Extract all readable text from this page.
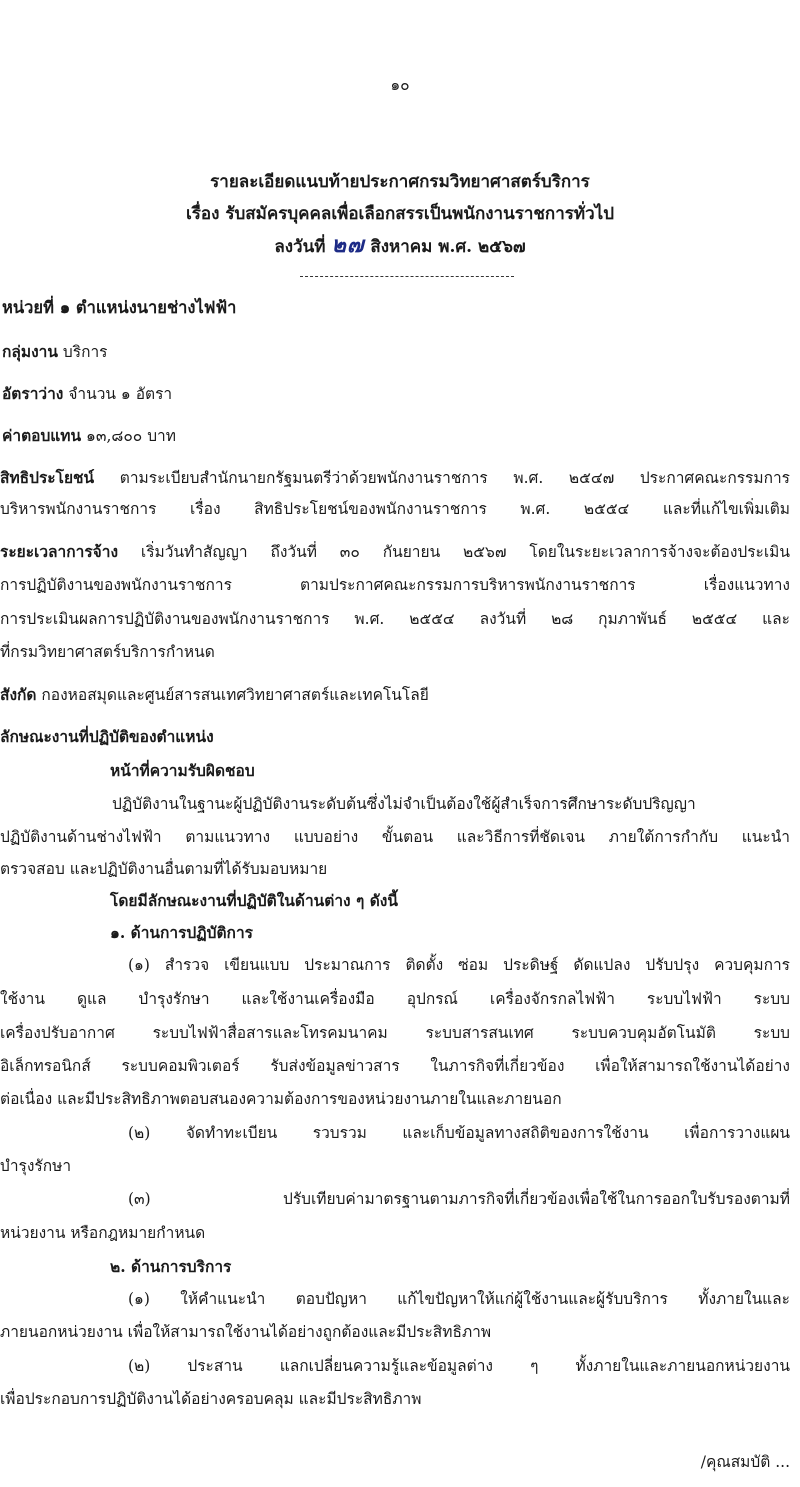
๑๐
รายละเอียดแนบท้ายประกาศกรมวิทยาศาสตร์บริการ
เรื่อง รับสมัครบุคคลเพื่อเลือกสรรเป็นพนักงานราชการทั่วไป
ลงวันที่ ๒๗ สิงหาคม พ.ศ. ๒๕๖๗
หน่วยที่ ๑ ตำแหน่งนายช่างไฟฟ้า
กลุ่มงาน บริการ
อัตราว่าง จำนวน ๑ อัตรา
ค่าตอบแทน ๑๓,๘๐๐ บาท
สิทธิประโยชน์ ตามระเบียบสำนักนายกรัฐมนตรีว่าด้วยพนักงานราชการ พ.ศ. ๒๕๔๗ ประกาศคณะกรรมการ
บริหารพนักงานราชการ เรื่อง สิทธิประโยชน์ของพนักงานราชการ พ.ศ. ๒๕๕๔ และที่แก้ไขเพิ่มเติม
ระยะเวลาการจ้าง เริ่มวันทำสัญญา ถึงวันที่ ๓๐ กันยายน ๒๕๖๗ โดยในระยะเวลาการจ้างจะต้องประเมิน
การปฏิบัติงานของพนักงานราชการ ตามประกาศคณะกรรมการบริหารพนักงานราชการ เรื่องแนวทาง
การประเมินผลการปฏิบัติงานของพนักงานราชการ พ.ศ. ๒๕๕๔ ลงวันที่ ๒๘ กุมภาพันธ์ ๒๕๕๔ และ
ที่กรมวิทยาศาสตร์บริการกำหนด
สังกัด กองหอสมุดและศูนย์สารสนเทศวิทยาศาสตร์และเทคโนโลยี
ลักษณะงานที่ปฏิบัติของตำแหน่ง
หน้าที่ความรับผิดชอบ
ปฏิบัติงานในฐานะผู้ปฏิบัติงานระดับต้นซึ่งไม่จำเป็นต้องใช้ผู้สำเร็จการศึกษาระดับปริญญา
ปฏิบัติงานด้านช่างไฟฟ้า ตามแนวทาง แบบอย่าง ขั้นตอน และวิธีการที่ชัดเจน ภายใต้การกำกับ แนะนำ
ตรวจสอบ และปฏิบัติงานอื่นตามที่ได้รับมอบหมาย
โดยมีลักษณะงานที่ปฏิบัติในด้านต่าง ๆ ดังนี้
๑. ด้านการปฏิบัติการ
(๑) สำรวจ เขียนแบบ ประมาณการ ติดตั้ง ซ่อม ประดิษฐ์ ดัดแปลง ปรับปรุง ควบคุมการ
ใช้งาน ดูแล บำรุงรักษา และใช้งานเครื่องมือ อุปกรณ์ เครื่องจักรกลไฟฟ้า ระบบไฟฟ้า ระบบ
เครื่องปรับอากาศ ระบบไฟฟ้าสื่อสารและโทรคมนาคม ระบบสารสนเทศ ระบบควบคุมอัตโนมัติ ระบบ
อิเล็กทรอนิกส์ ระบบคอมพิวเตอร์ รับส่งข้อมูลข่าวสาร ในภารกิจที่เกี่ยวข้อง เพื่อให้สามารถใช้งานได้อย่าง
ต่อเนื่อง และมีประสิทธิภาพตอบสนองความต้องการของหน่วยงานภายในและภายนอก
(๒) จัดทำทะเบียน รวบรวม และเก็บข้อมูลทางสถิติของการใช้งาน เพื่อการวางแผน
บำรุงรักษา
(๓) ปรับเทียบค่ามาตรฐานตามภารกิจที่เกี่ยวข้องเพื่อใช้ในการออกใบรับรองตามที่
หน่วยงาน หรือกฎหมายกำหนด
๒. ด้านการบริการ
(๑) ให้คำแนะนำ ตอบปัญหา แก้ไขปัญหาให้แก่ผู้ใช้งานและผู้รับบริการ ทั้งภายในและ
ภายนอกหน่วยงาน เพื่อให้สามารถใช้งานได้อย่างถูกต้องและมีประสิทธิภาพ
(๒) ประสาน แลกเปลี่ยนความรู้และข้อมูลต่าง ๆ ทั้งภายในและภายนอกหน่วยงาน
เพื่อประกอบการปฏิบัติงานได้อย่างครอบคลุม และมีประสิทธิภาพ
/คุณสมบัติ ...
